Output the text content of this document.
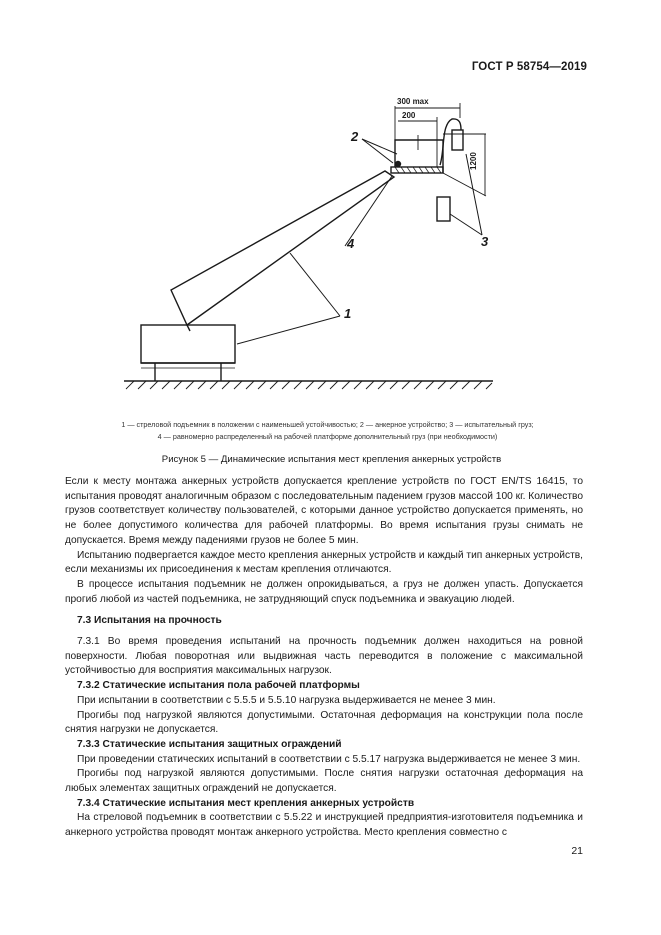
ГОСТ Р 58754—2019
300 max
200
1200
2
4
1
3
1 — стреловой подъемник в положении с наименьшей устойчивостью; 2 — анкерное устройство; 3 — испытательный груз;
4 — равномерно распределенный на рабочей платформе дополнительный груз (при необходимости)
Рисунок 5 — Динамические испытания мест крепления анкерных устройств

Если к месту монтажа анкерных устройств допускается крепление устройств по ГОСТ EN/TS 16415, то испытания проводят аналогичным образом с последовательным падением грузов массой 100 кг. Количество грузов соответствует количеству пользователей, с которыми данное устройство допускается применять, но не более допустимого количества для рабочей платформы. Во время испытания грузы снимать не допускается. Время между падениями грузов не более 5 мин.

Испытанию подвергается каждое место крепления анкерных устройств и каждый тип анкерных устройств, если механизмы их присоединения к местам крепления отличаются.

В процессе испытания подъемник не должен опрокидываться, а груз не должен упасть. Допускается прогиб любой из частей подъемника, не затрудняющий спуск подъемника и эвакуацию людей.

7.3 Испытания на прочность

7.3.1 Во время проведения испытаний на прочность подъемник должен находиться на ровной поверхности. Любая поворотная или выдвижная часть переводится в положение с максимальной устойчивостью для восприятия максимальных нагрузок.

7.3.2 Статические испытания пола рабочей платформы

При испытании в соответствии с 5.5.5 и 5.5.10 нагрузка выдерживается не менее 3 мин.

Прогибы под нагрузкой являются допустимыми. Остаточная деформация на конструкции пола после снятия нагрузки не допускается.

7.3.3 Статические испытания защитных ограждений

При проведении статических испытаний в соответствии с 5.5.17 нагрузка выдерживается не менее 3 мин.

Прогибы под нагрузкой являются допустимыми. После снятия нагрузки остаточная деформация на любых элементах защитных ограждений не допускается.

7.3.4 Статические испытания мест крепления анкерных устройств

На стреловой подъемник в соответствии с 5.5.22 и инструкцией предприятия-изготовителя подъемника и анкерного устройства проводят монтаж анкерного устройства. Место крепления совместно с

21
